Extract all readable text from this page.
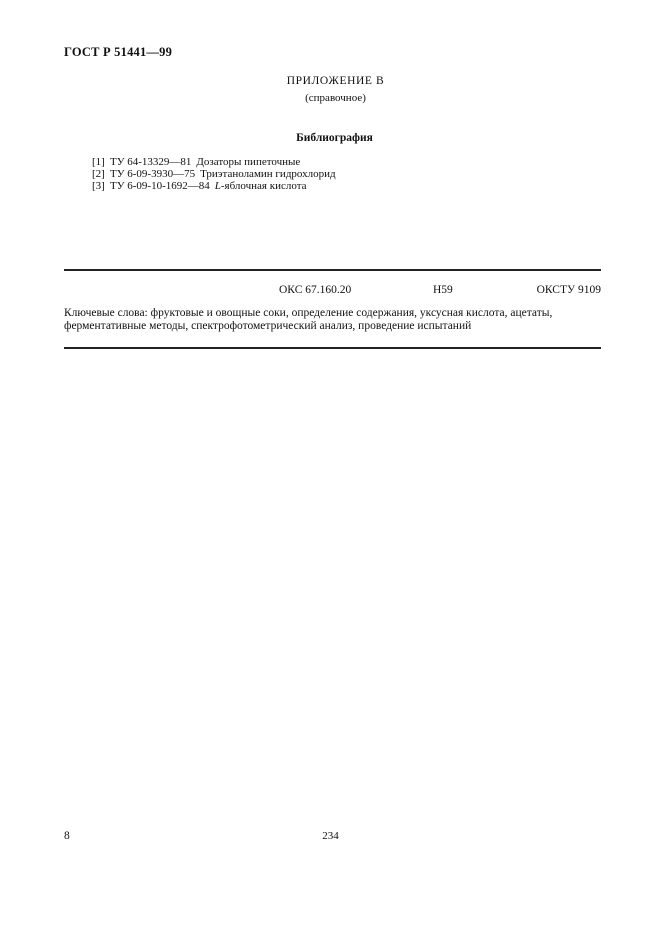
ГОСТ Р 51441—99
ПРИЛОЖЕНИЕ В
(справочное)
Библиография
[1] ТУ 64-13329—81 Дозаторы пипеточные
[2] ТУ 6-09-3930—75 Триэтаноламин гидрохлорид
[3] ТУ 6-09-10-1692—84 L-яблочная кислота
ОКС 67.160.20	Н59	ОКСТУ 9109
Ключевые слова: фруктовые и овощные соки, определение содержания, уксусная кислота, ацетаты, ферментативные методы, спектрофотометрический анализ, проведение испытаний
8	234
